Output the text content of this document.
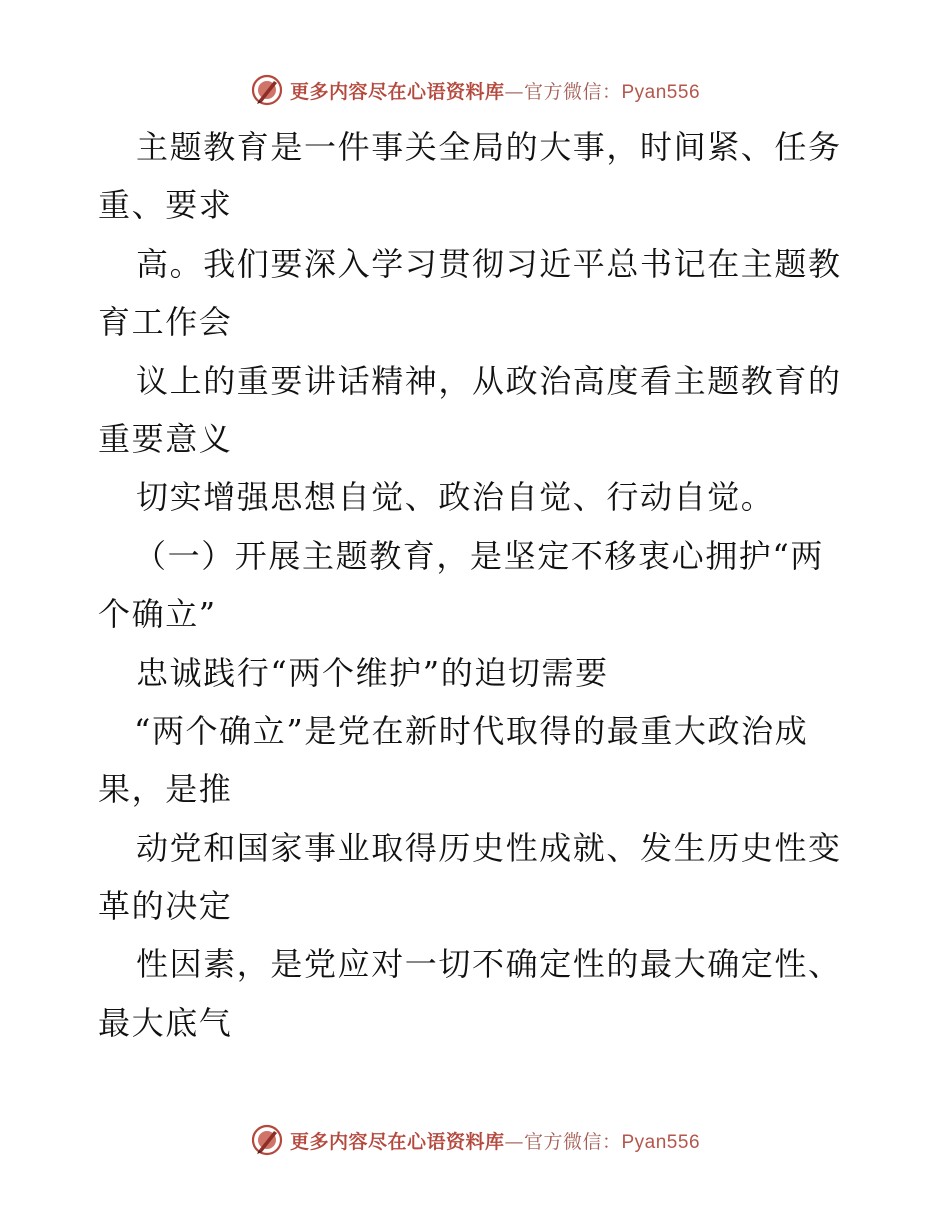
更多内容尽在心语资料库—官方微信：Pyan556

主题教育是一件事关全局的大事，时间紧、任务

重、要求

高。我们要深入学习贯彻习近平总书记在主题教

育工作会

议上的重要讲话精神，从政治高度看主题教育的

重要意义

切实增强思想自觉、政治自觉、行动自觉。

（一）开展主题教育，是坚定不移衷心拥护“两

个确立”

忠诚践行“两个维护”的迫切需要

“两个确立”是党在新时代取得的最重大政治成

果，是推

动党和国家事业取得历史性成就、发生历史性变

革的决定

性因素，是党应对一切不确定性的最大确定性、

最大底气

更多内容尽在心语资料库—官方微信：Pyan556
